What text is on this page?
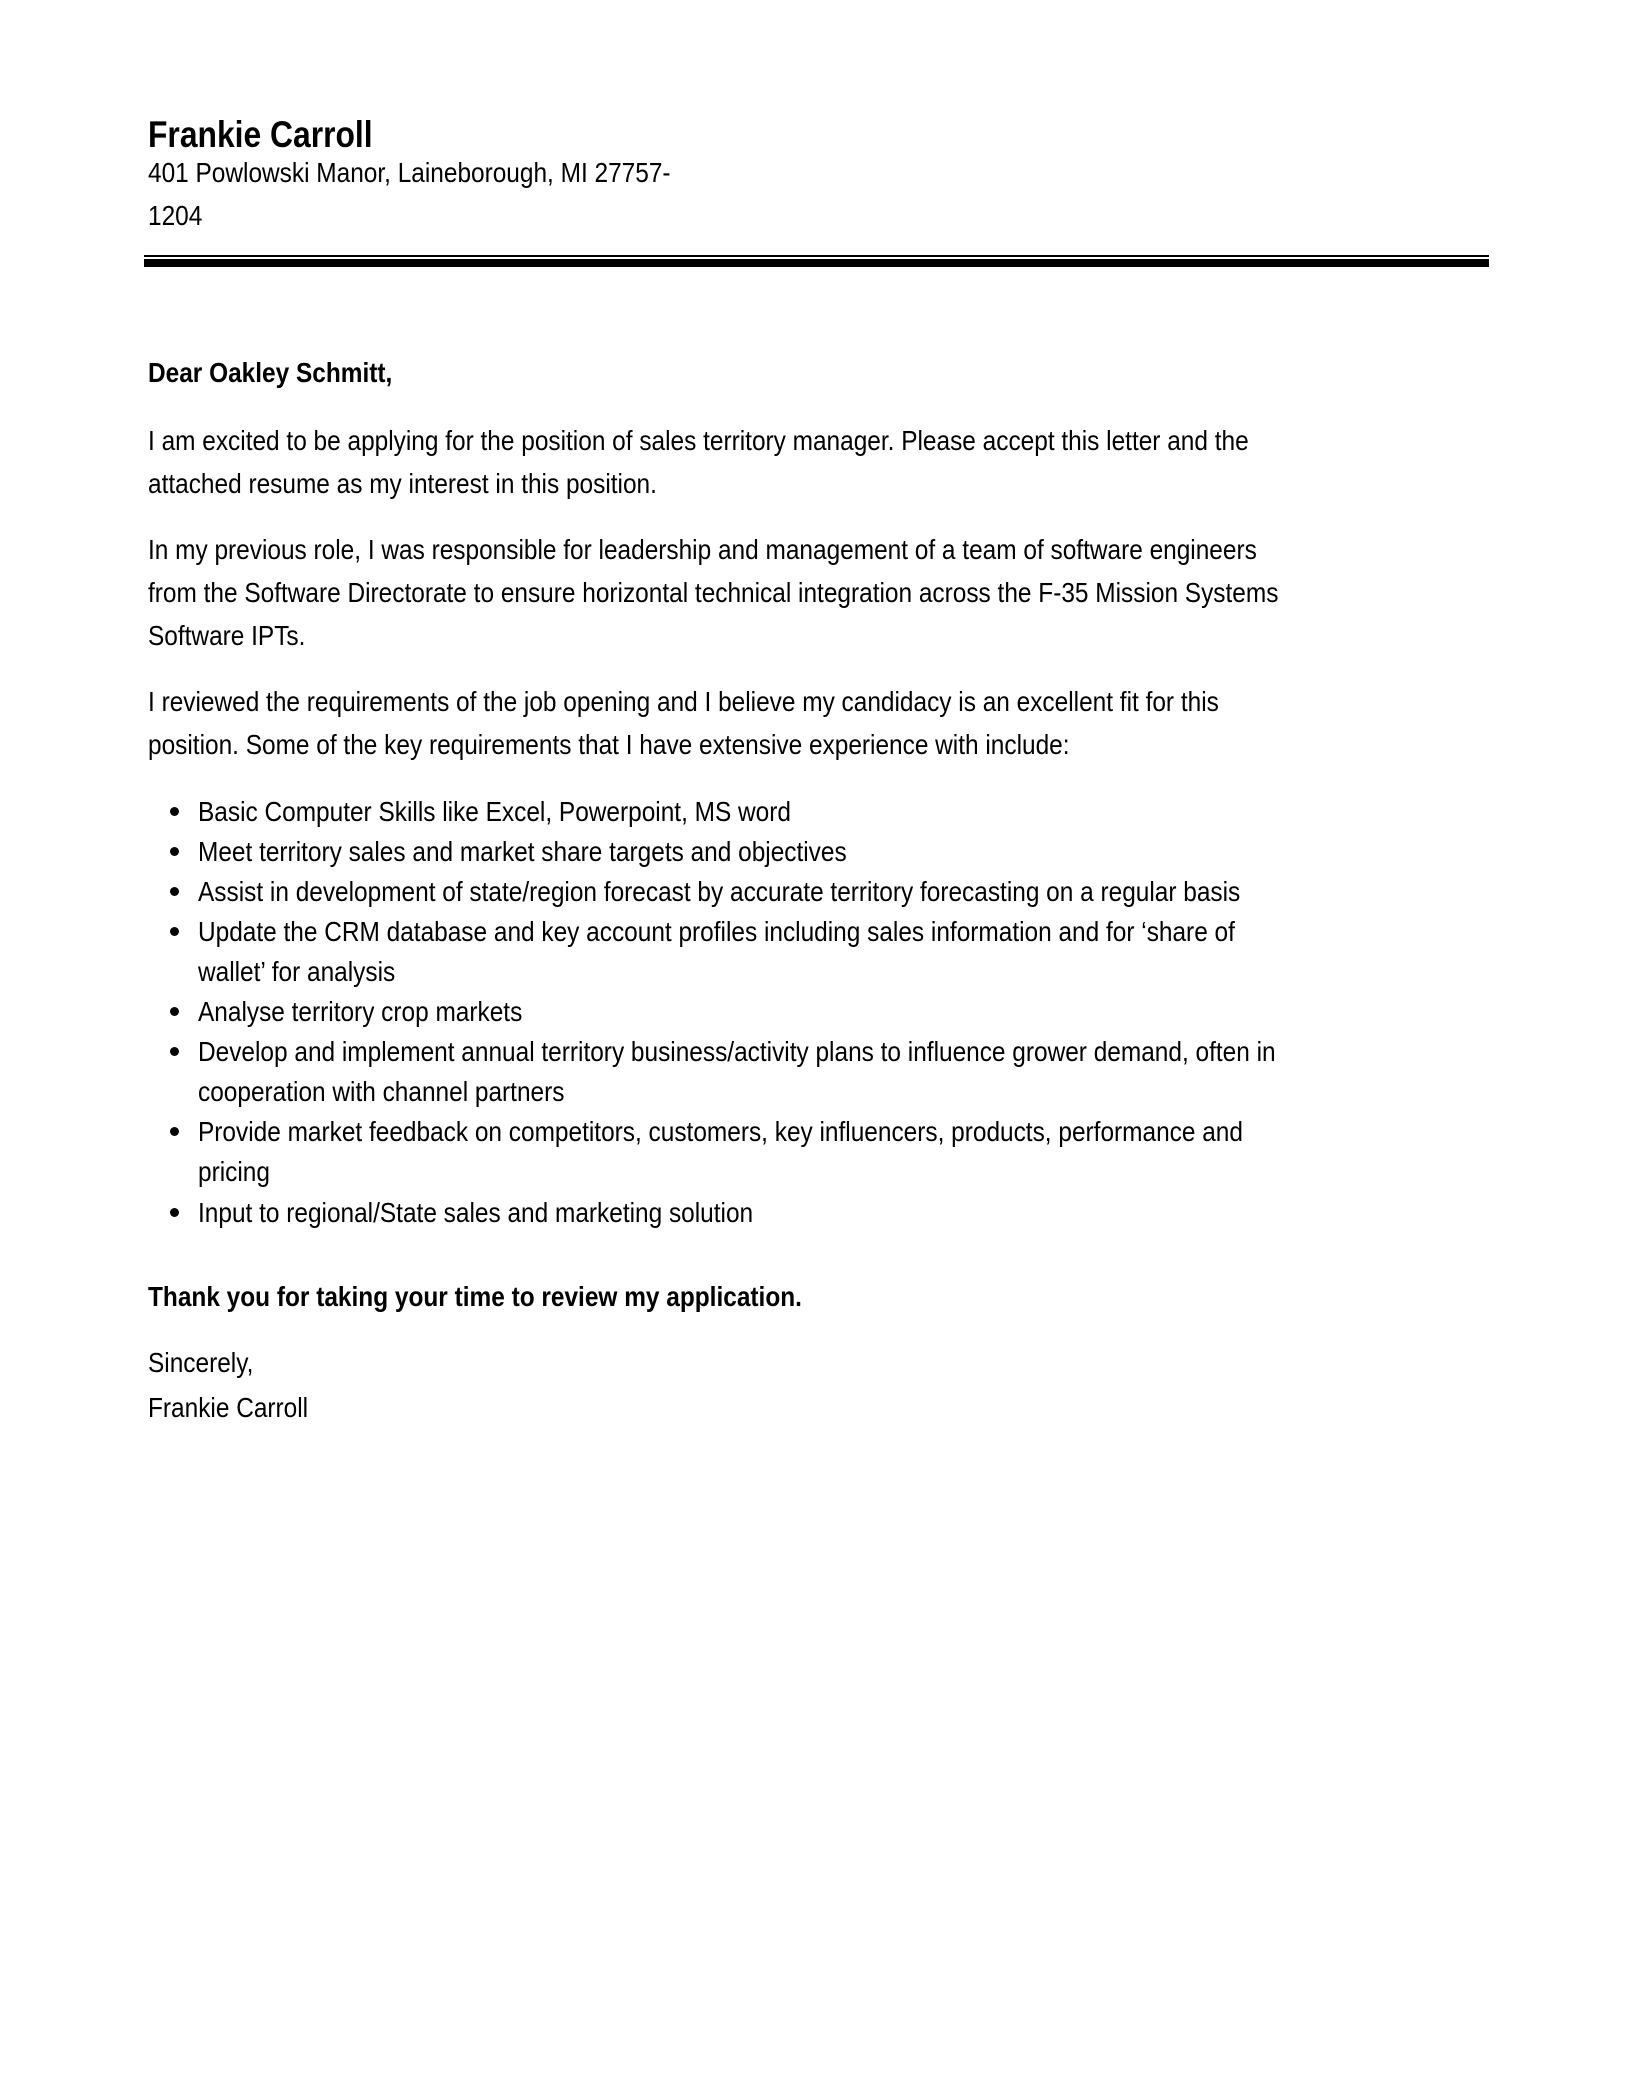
Frankie Carroll
401 Powlowski Manor, Laineborough, MI 27757-
1204
Dear Oakley Schmitt,
I am excited to be applying for the position of sales territory manager. Please accept this letter and the
attached resume as my interest in this position.
In my previous role, I was responsible for leadership and management of a team of software engineers
from the Software Directorate to ensure horizontal technical integration across the F-35 Mission Systems
Software IPTs.
I reviewed the requirements of the job opening and I believe my candidacy is an excellent fit for this
position. Some of the key requirements that I have extensive experience with include:
Basic Computer Skills like Excel, Powerpoint, MS word
Meet territory sales and market share targets and objectives
Assist in development of state/region forecast by accurate territory forecasting on a regular basis
Update the CRM database and key account profiles including sales information and for ‘share of
wallet’ for analysis
Analyse territory crop markets
Develop and implement annual territory business/activity plans to influence grower demand, often in
cooperation with channel partners
Provide market feedback on competitors, customers, key influencers, products, performance and
pricing
Input to regional/State sales and marketing solution
Thank you for taking your time to review my application.
Sincerely,
Frankie Carroll
